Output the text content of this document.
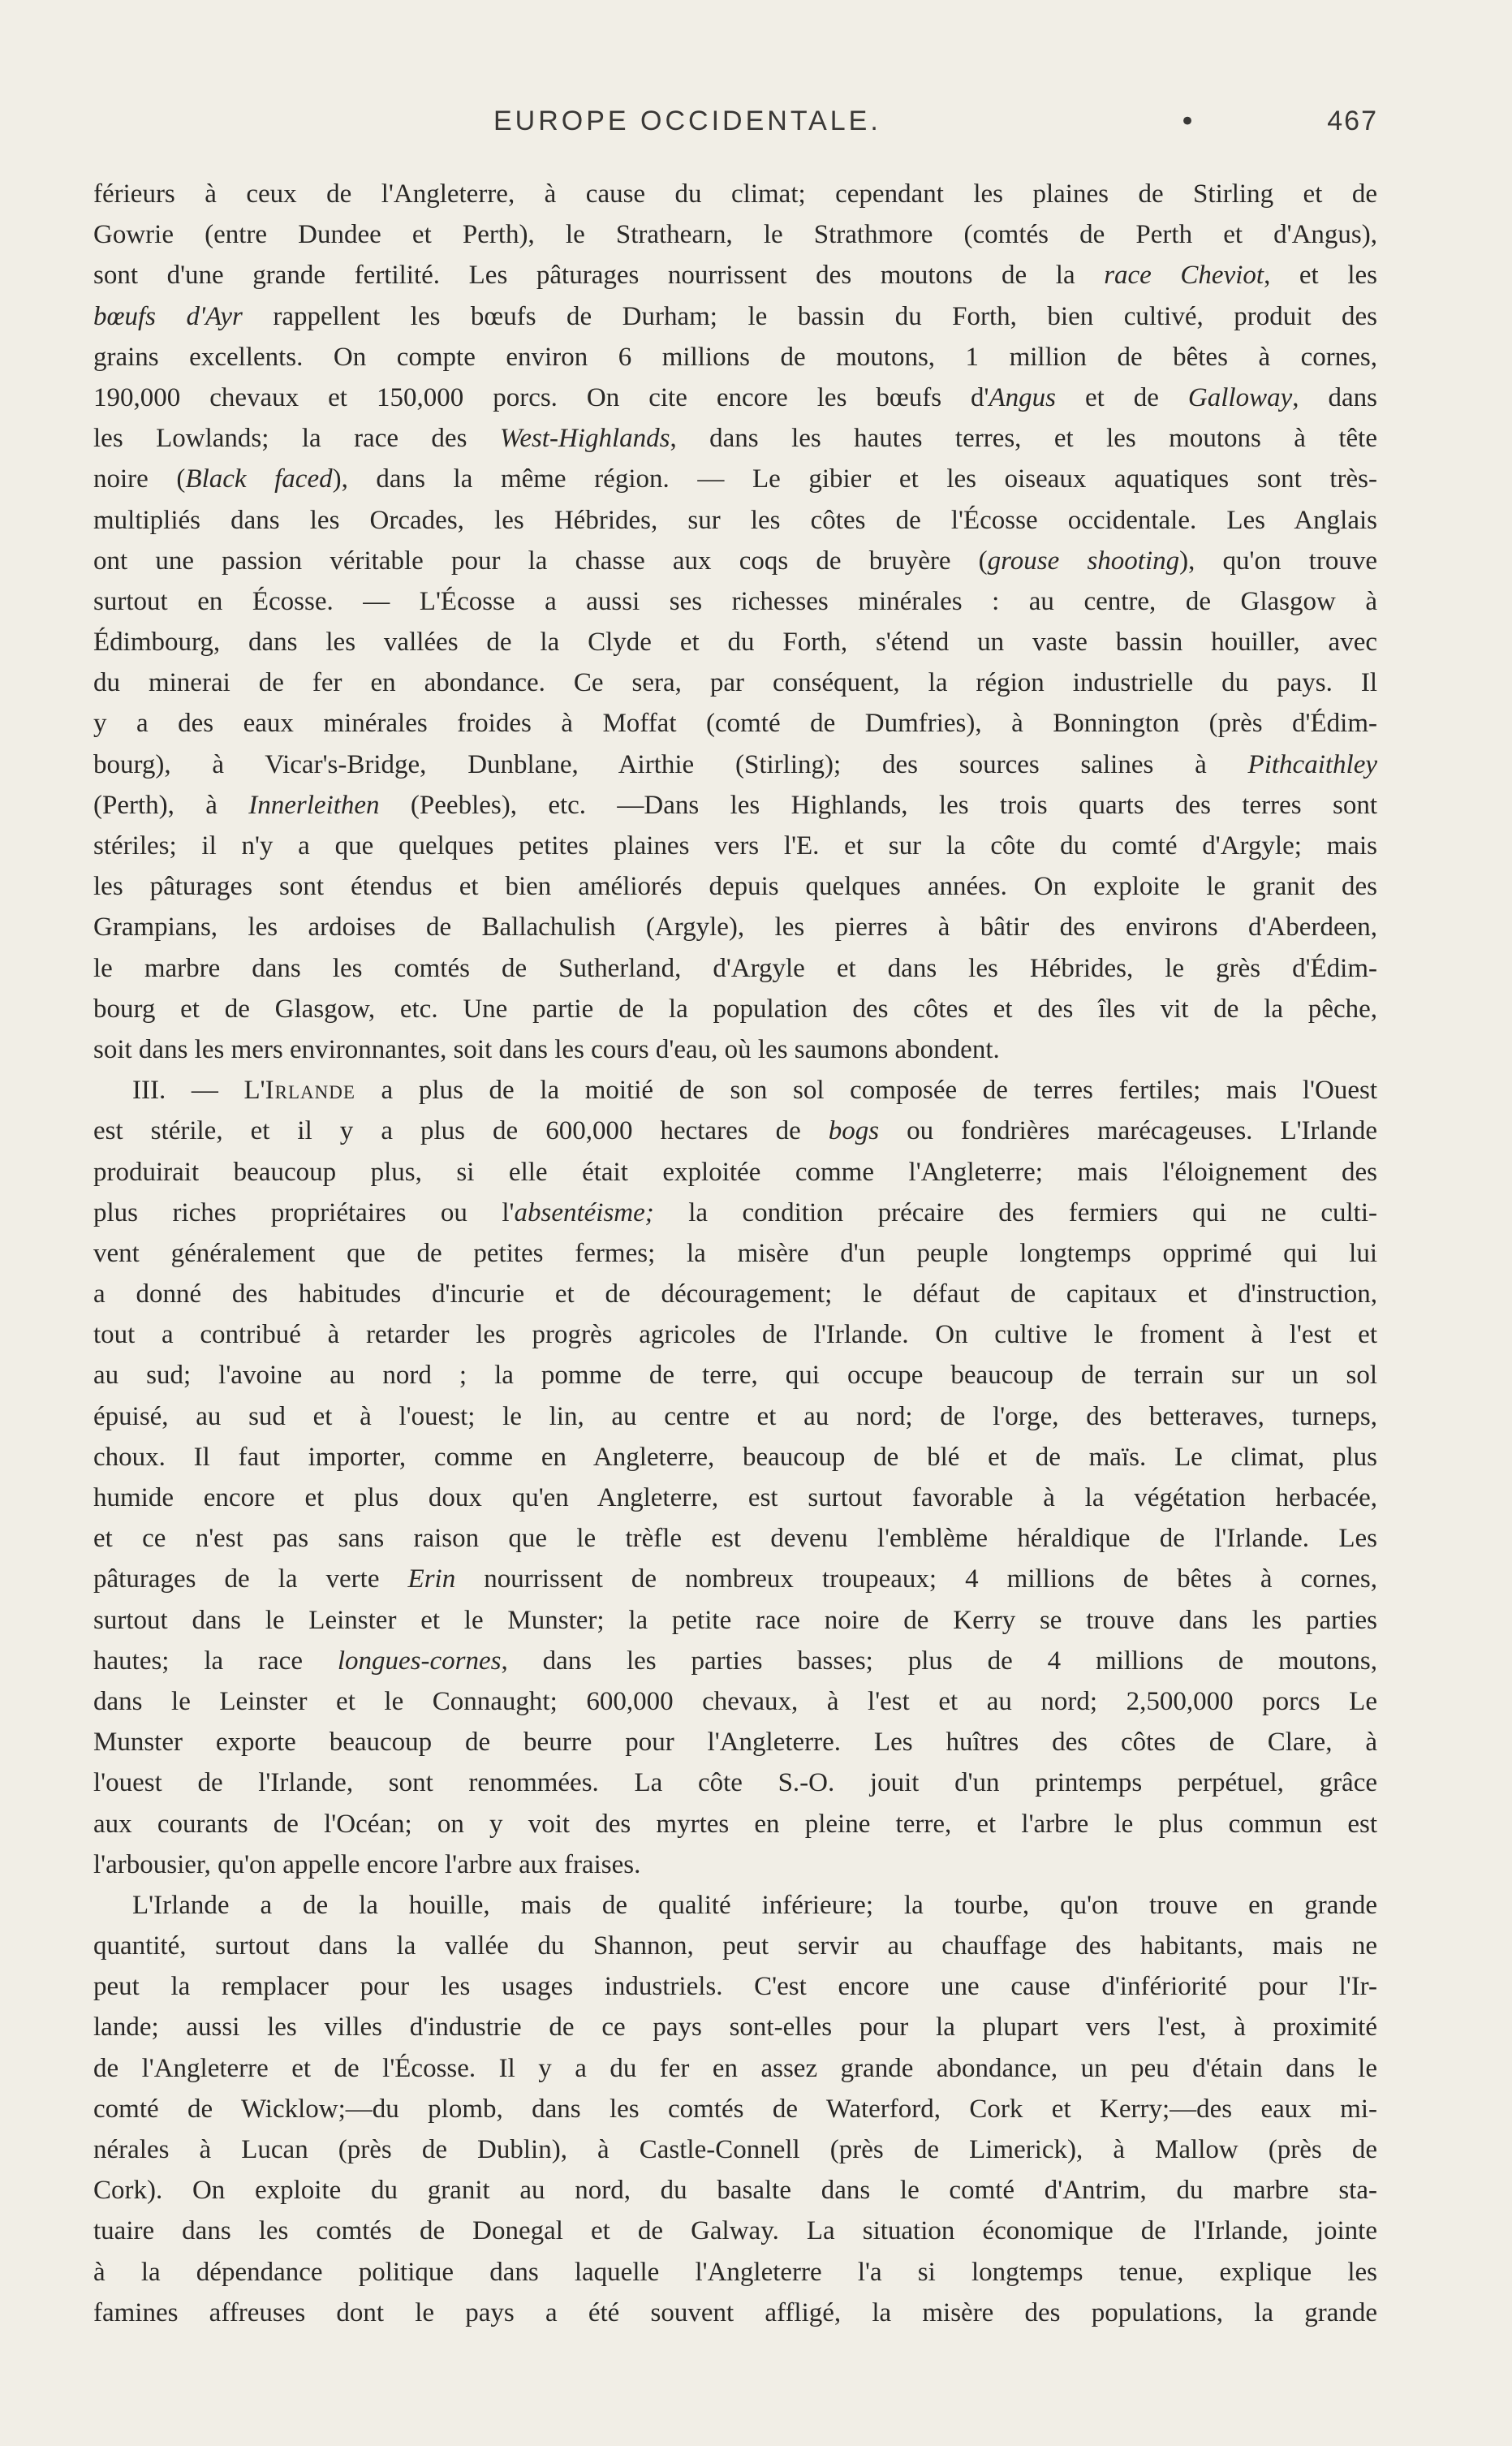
EUROPE OCCIDENTALE.	•	467
férieurs à ceux de l'Angleterre, à cause du climat; cependant les plaines de Stirling et de
Gowrie (entre Dundee et Perth), le Strathearn, le Strathmore (comtés de Perth et d'Angus),
sont d'une grande fertilité. Les pâturages nourrissent des moutons de la race Cheviot, et les
bœufs d'Ayr rappellent les bœufs de Durham; le bassin du Forth, bien cultivé, produit des
grains excellents. On compte environ 6 millions de moutons, 1 million de bêtes à cornes,
190,000 chevaux et 150,000 porcs. On cite encore les bœufs d'Angus et de Galloway, dans
les Lowlands; la race des West-Highlands, dans les hautes terres, et les moutons à tête
noire (Black faced), dans la même région. — Le gibier et les oiseaux aquatiques sont très-
multipliés dans les Orcades, les Hébrides, sur les côtes de l'Écosse occidentale. Les Anglais
ont une passion véritable pour la chasse aux coqs de bruyère (grouse shooting), qu'on trouve
surtout en Écosse. — L'Écosse a aussi ses richesses minérales : au centre, de Glasgow à
Édimbourg, dans les vallées de la Clyde et du Forth, s'étend un vaste bassin houiller, avec
du minerai de fer en abondance. Ce sera, par conséquent, la région industrielle du pays. Il
y a des eaux minérales froides à Moffat (comté de Dumfries), à Bonnington (près d'Édim-
bourg), à Vicar's-Bridge, Dunblane, Airthie (Stirling); des sources salines à Pithcaithley
(Perth), à Innerleithen (Peebles), etc. —Dans les Highlands, les trois quarts des terres sont
stériles; il n'y a que quelques petites plaines vers l'E. et sur la côte du comté d'Argyle; mais
les pâturages sont étendus et bien améliorés depuis quelques années. On exploite le granit des
Grampians, les ardoises de Ballachulish (Argyle), les pierres à bâtir des environs d'Aberdeen,
le marbre dans les comtés de Sutherland, d'Argyle et dans les Hébrides, le grès d'Édim-
bourg et de Glasgow, etc. Une partie de la population des côtes et des îles vit de la pêche,
soit dans les mers environnantes, soit dans les cours d'eau, où les saumons abondent.
III. — L'Irlande a plus de la moitié de son sol composée de terres fertiles; mais l'Ouest
est stérile, et il y a plus de 600,000 hectares de bogs ou fondrières marécageuses. L'Irlande
produirait beaucoup plus, si elle était exploitée comme l'Angleterre; mais l'éloignement des
plus riches propriétaires ou l'absentéisme; la condition précaire des fermiers qui ne culti-
vent généralement que de petites fermes; la misère d'un peuple longtemps opprimé qui lui
a donné des habitudes d'incurie et de découragement; le défaut de capitaux et d'instruction,
tout a contribué à retarder les progrès agricoles de l'Irlande. On cultive le froment à l'est et
au sud; l'avoine au nord ; la pomme de terre, qui occupe beaucoup de terrain sur un sol
épuisé, au sud et à l'ouest; le lin, au centre et au nord; de l'orge, des betteraves, turneps,
choux. Il faut importer, comme en Angleterre, beaucoup de blé et de maïs. Le climat, plus
humide encore et plus doux qu'en Angleterre, est surtout favorable à la végétation herbacée,
et ce n'est pas sans raison que le trèfle est devenu l'emblème héraldique de l'Irlande. Les
pâturages de la verte Erin nourrissent de nombreux troupeaux; 4 millions de bêtes à cornes,
surtout dans le Leinster et le Munster; la petite race noire de Kerry se trouve dans les parties
hautes; la race longues-cornes, dans les parties basses; plus de 4 millions de moutons,
dans le Leinster et le Connaught; 600,000 chevaux, à l'est et au nord; 2,500,000 porcs Le
Munster exporte beaucoup de beurre pour l'Angleterre. Les huîtres des côtes de Clare, à
l'ouest de l'Irlande, sont renommées. La côte S.-O. jouit d'un printemps perpétuel, grâce
aux courants de l'Océan; on y voit des myrtes en pleine terre, et l'arbre le plus commun est
l'arbousier, qu'on appelle encore l'arbre aux fraises.
L'Irlande a de la houille, mais de qualité inférieure; la tourbe, qu'on trouve en grande
quantité, surtout dans la vallée du Shannon, peut servir au chauffage des habitants, mais ne
peut la remplacer pour les usages industriels. C'est encore une cause d'infériorité pour l'Ir-
lande; aussi les villes d'industrie de ce pays sont-elles pour la plupart vers l'est, à proximité
de l'Angleterre et de l'Écosse. Il y a du fer en assez grande abondance, un peu d'étain dans le
comté de Wicklow;—du plomb, dans les comtés de Waterford, Cork et Kerry;—des eaux mi-
nérales à Lucan (près de Dublin), à Castle-Connell (près de Limerick), à Mallow (près de
Cork). On exploite du granit au nord, du basalte dans le comté d'Antrim, du marbre sta-
tuaire dans les comtés de Donegal et de Galway. La situation économique de l'Irlande, jointe
à la dépendance politique dans laquelle l'Angleterre l'a si longtemps tenue, explique les
famines affreuses dont le pays a été souvent affligé, la misère des populations, la grande
